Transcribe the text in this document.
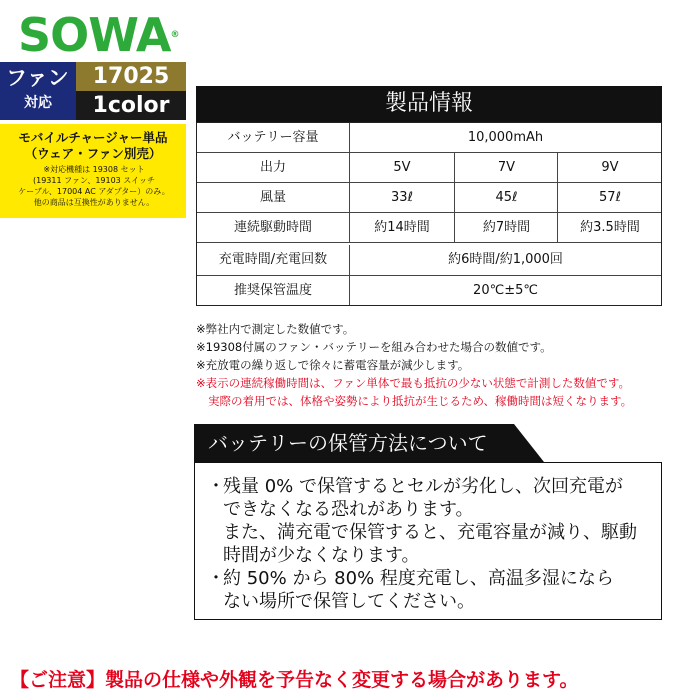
SOWA®
ファン
対応
17025
1color
モバイルチャージャー単品
（ウェア・ファン別売）
※対応機種は 19308 セット
(19311 ファン、19103 スイッチ
ケーブル、17004 AC アダプター）のみ。
他の商品は互換性がありません。
製品情報
バッテリー容量	10,000mAh
出力	5V	7V	9V
風量	33ℓ	45ℓ	57ℓ
連続駆動時間	約14時間	約7時間	約3.5時間
充電時間/充電回数	約6時間/約1,000回
推奨保管温度	20℃±5℃
※弊社内で測定した数値です。
※19308付属のファン・バッテリーを組み合わせた場合の数値です。
※充放電の繰り返しで徐々に蓄電容量が減少します。
※表示の連続稼働時間は、ファン単体で最も抵抗の少ない状態で計測した数値です。
実際の着用では、体格や姿勢により抵抗が生じるため、稼働時間は短くなります。
バッテリーの保管方法について
・残量 0% で保管するとセルが劣化し、次回充電が
できなくなる恐れがあります。
また、満充電で保管すると、充電容量が減り、駆動
時間が少なくなります。
・約 50% から 80% 程度充電し、高温多湿になら
ない場所で保管してください。
【ご注意】製品の仕様や外観を予告なく変更する場合があります。
